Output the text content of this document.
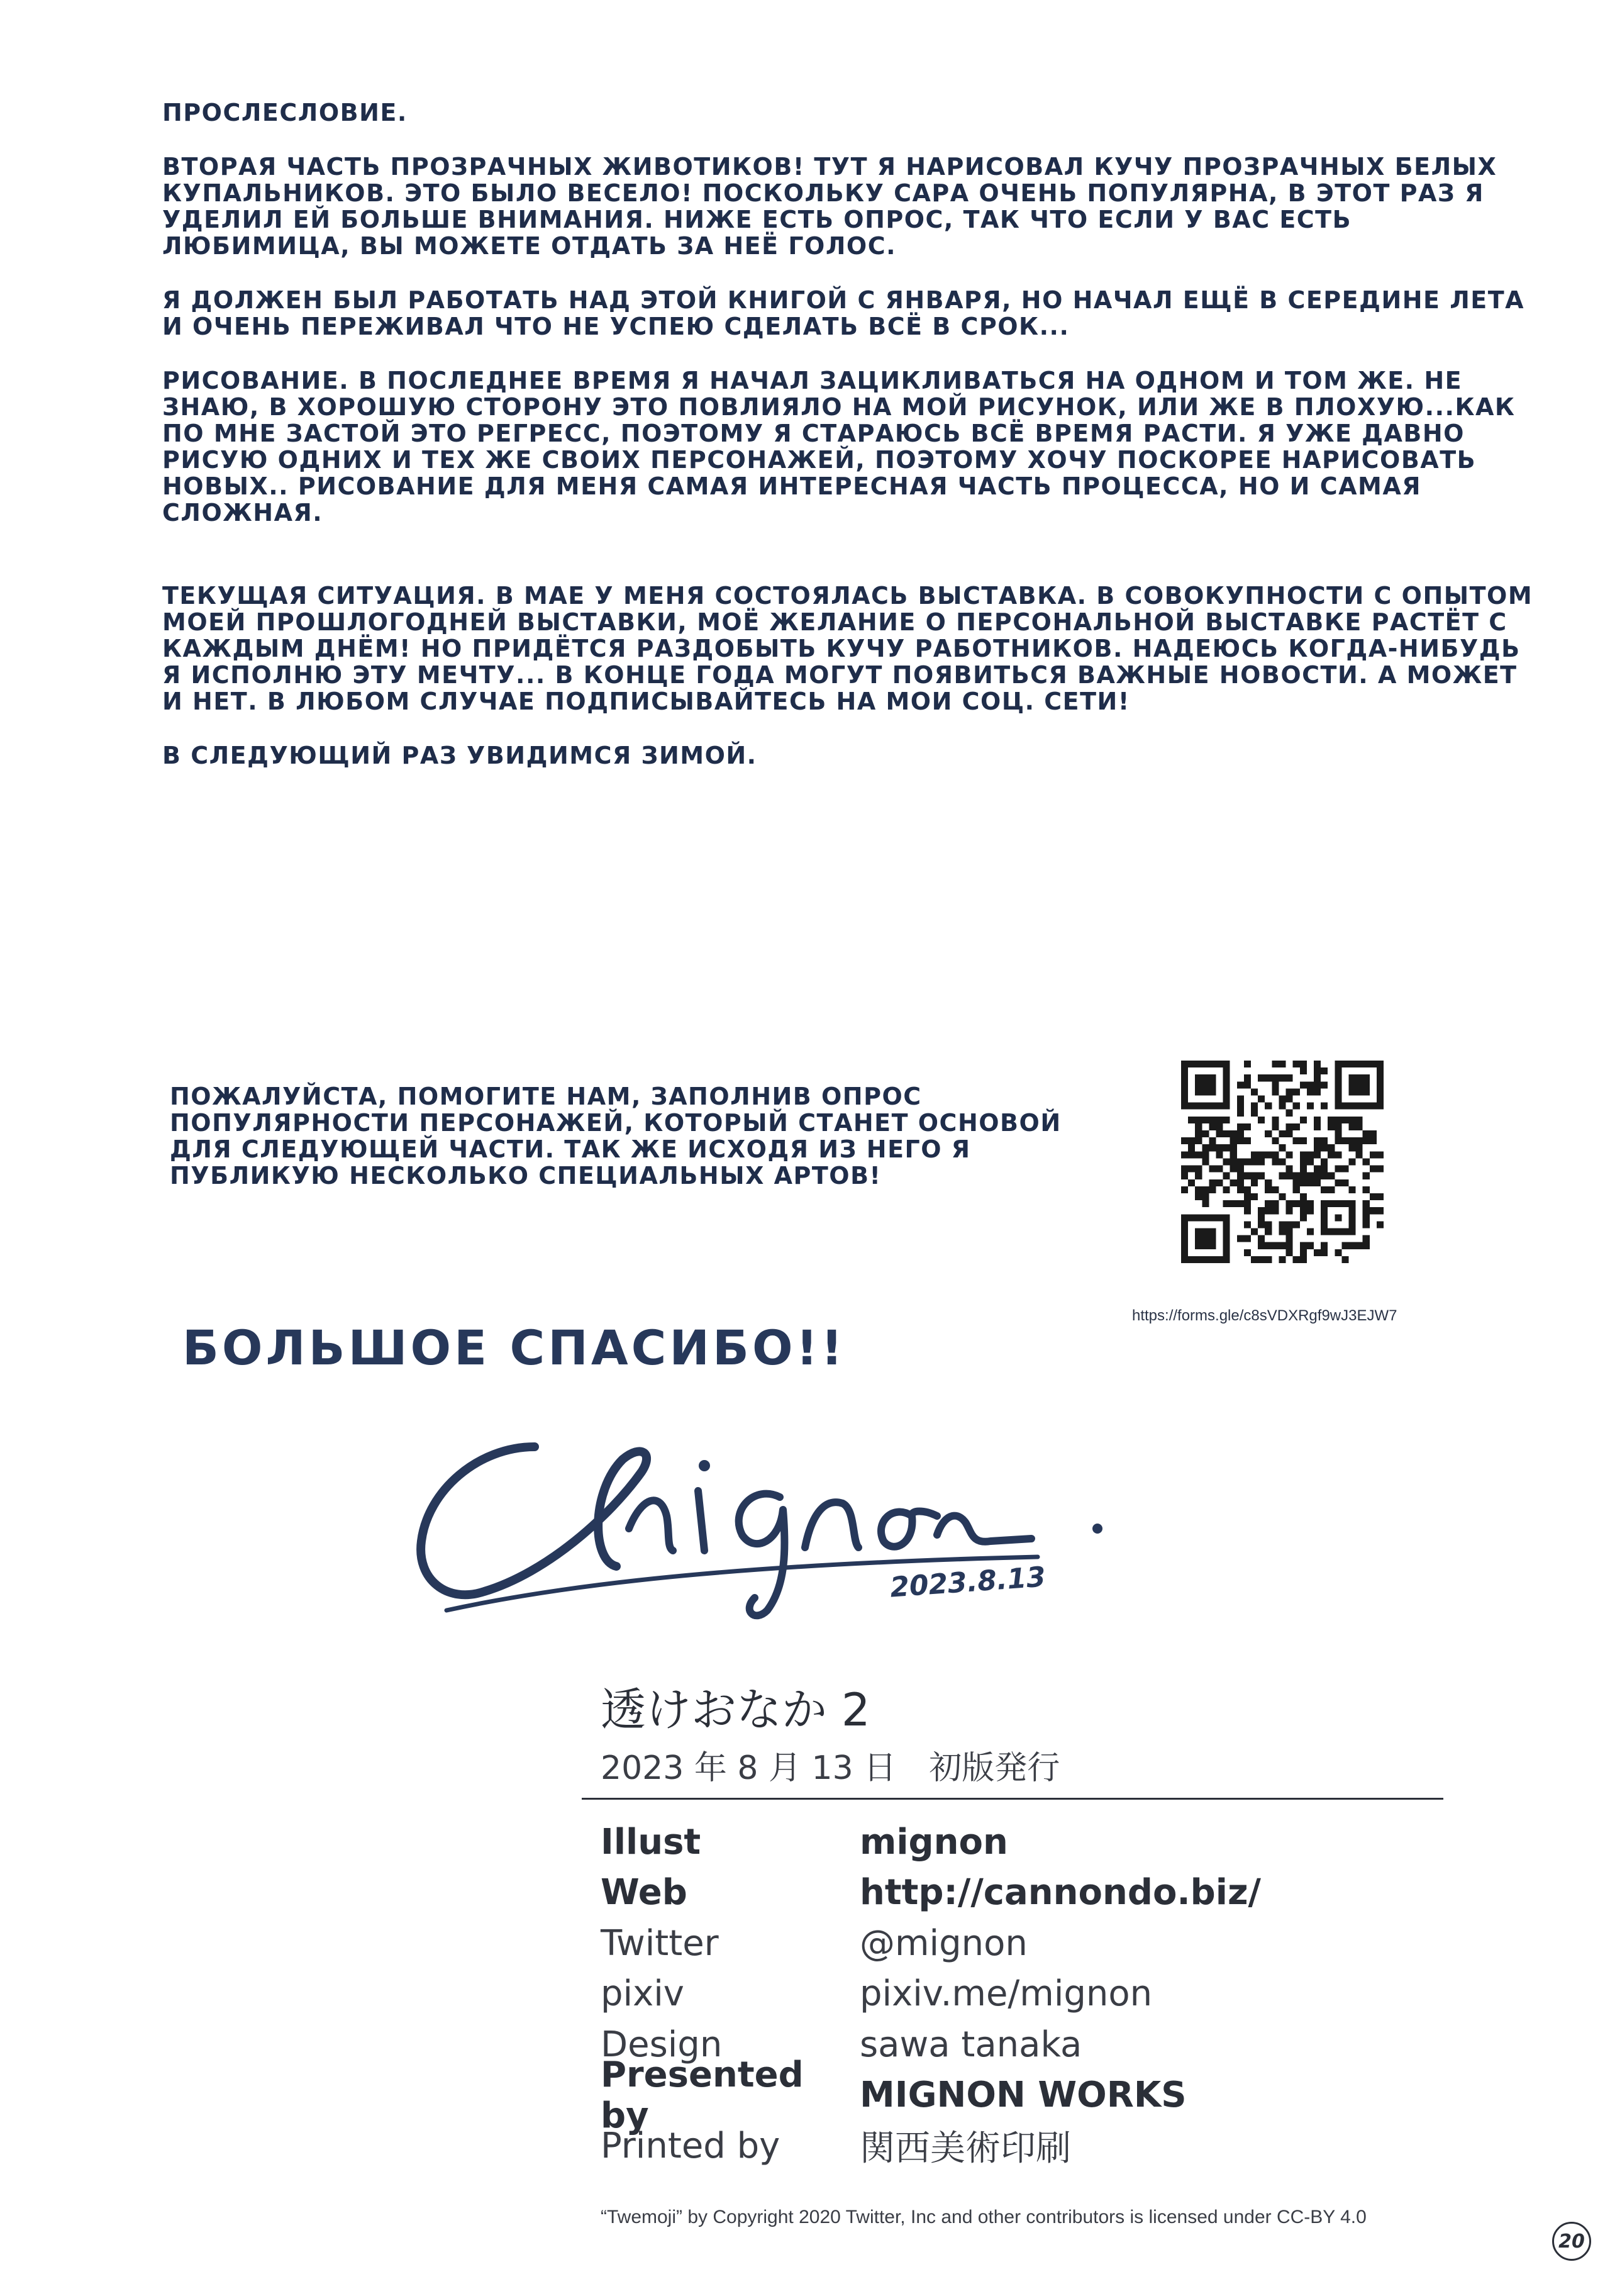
ПРОСЛЕСЛОВИЕ.

ВТОРАЯ ЧАСТЬ ПРОЗРАЧНЫХ ЖИВОТИКОВ! ТУТ Я НАРИСОВАЛ КУЧУ ПРОЗРАЧНЫХ БЕЛЫХ КУПАЛЬНИКОВ. ЭТО БЫЛО ВЕСЕЛО! ПОСКОЛЬКУ САРА ОЧЕНЬ ПОПУЛЯРНА, В ЭТОТ РАЗ Я УДЕЛИЛ ЕЙ БОЛЬШЕ ВНИМАНИЯ. НИЖЕ ЕСТЬ ОПРОС, ТАК ЧТО ЕСЛИ У ВАС ЕСТЬ ЛЮБИМИЦА, ВЫ МОЖЕТЕ ОТДАТЬ ЗА НЕЁ ГОЛОС.

Я ДОЛЖЕН БЫЛ РАБОТАТЬ НАД ЭТОЙ КНИГОЙ С ЯНВАРЯ, НО НАЧАЛ ЕЩЁ В СЕРЕДИНЕ ЛЕТА И ОЧЕНЬ ПЕРЕЖИВАЛ ЧТО НЕ УСПЕЮ СДЕЛАТЬ ВСЁ В СРОК...

РИСОВАНИЕ. В ПОСЛЕДНЕЕ ВРЕМЯ Я НАЧАЛ ЗАЦИКЛИВАТЬСЯ НА ОДНОМ И ТОМ ЖЕ. НЕ ЗНАЮ, В ХОРОШУЮ СТОРОНУ ЭТО ПОВЛИЯЛО НА МОЙ РИСУНОК, ИЛИ ЖЕ В ПЛОХУЮ...КАК ПО МНЕ ЗАСТОЙ ЭТО РЕГРЕСС, ПОЭТОМУ Я СТАРАЮСЬ ВСЁ ВРЕМЯ РАСТИ. Я УЖЕ ДАВНО РИСУЮ ОДНИХ И ТЕХ ЖЕ СВОИХ ПЕРСОНАЖЕЙ, ПОЭТОМУ ХОЧУ ПОСКОРЕЕ НАРИСОВАТЬ НОВЫХ.. РИСОВАНИЕ ДЛЯ МЕНЯ САМАЯ ИНТЕРЕСНАЯ ЧАСТЬ ПРОЦЕССА, НО И САМАЯ СЛОЖНАЯ.

ТЕКУЩАЯ СИТУАЦИЯ. В МАЕ У МЕНЯ СОСТОЯЛАСЬ ВЫСТАВКА. В СОВОКУПНОСТИ С ОПЫТОМ МОЕЙ ПРОШЛОГОДНЕЙ ВЫСТАВКИ, МОЁ ЖЕЛАНИЕ О ПЕРСОНАЛЬНОЙ ВЫСТАВКЕ РАСТЁТ С КАЖДЫМ ДНЁМ! НО ПРИДЁТСЯ РАЗДОБЫТЬ КУЧУ РАБОТНИКОВ. НАДЕЮСЬ КОГДА-НИБУДЬ Я ИСПОЛНЮ ЭТУ МЕЧТУ... В КОНЦЕ ГОДА МОГУТ ПОЯВИТЬСЯ ВАЖНЫЕ НОВОСТИ. А МОЖЕТ И НЕТ. В ЛЮБОМ СЛУЧАЕ ПОДПИСЫВАЙТЕСЬ НА МОИ СОЦ. СЕТИ!

В СЛЕДУЮЩИЙ РАЗ УВИДИМСЯ ЗИМОЙ.

ПОЖАЛУЙСТА, ПОМОГИТЕ НАМ, ЗАПОЛНИВ ОПРОС ПОПУЛЯРНОСТИ ПЕРСОНАЖЕЙ, КОТОРЫЙ СТАНЕТ ОСНОВОЙ ДЛЯ СЛЕДУЮЩЕЙ ЧАСТИ. ТАК ЖЕ ИСХОДЯ ИЗ НЕГО Я ПУБЛИКУЮ НЕСКОЛЬКО СПЕЦИАЛЬНЫХ АРТОВ!
https://forms.gle/c8sVDXRgf9wJ3EJW7
БОЛЬШОЕ СПАСИБО!!
2023.8.13
透けおなか 2
2023 年 8 月 13 日　初版発行
Illust	mignon
Web	http://cannondo.biz/
Twitter	@mignon
pixiv	pixiv.me/mignon
Design	sawa tanaka
Presented by	MIGNON WORKS
Printed by	関西美術印刷
“Twemoji” by Copyright 2020 Twitter, Inc and other contributors is licensed under CC-BY 4.0
20
